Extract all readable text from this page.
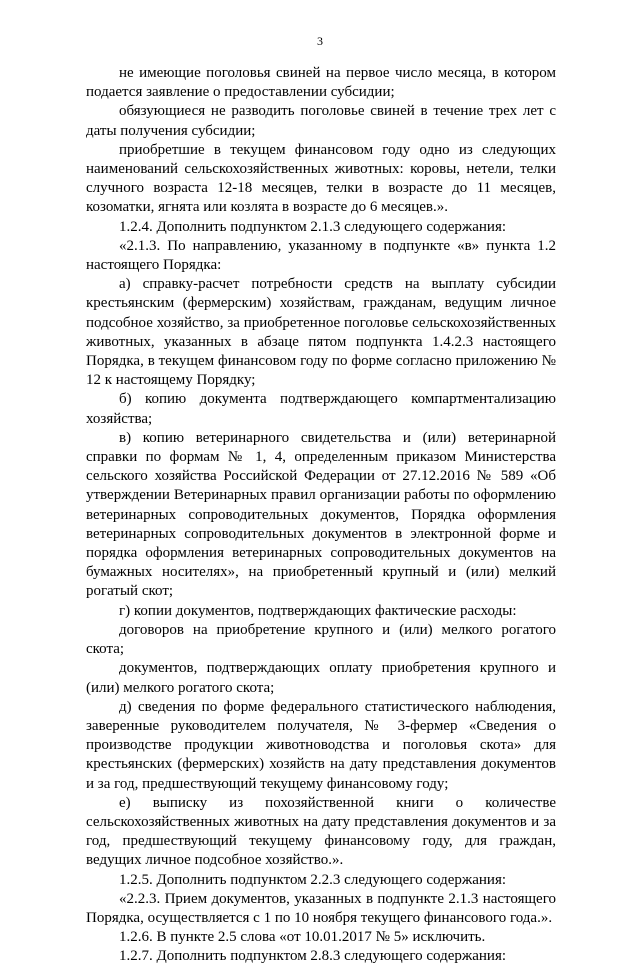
3

не имеющие поголовья свиней на первое число месяца, в котором подается заявление о предоставлении субсидии;

обязующиеся не разводить поголовье свиней в течение трех лет с даты получения субсидии;

приобретшие в текущем финансовом году одно из следующих наименований сельскохозяйственных животных: коровы, нетели, телки случного возраста 12-18 месяцев, телки в возрасте до 11 месяцев, козоматки, ягнята или козлята в возрасте до 6 месяцев.».

1.2.4. Дополнить подпунктом 2.1.3 следующего содержания:

«2.1.3. По направлению, указанному в подпункте «в» пункта 1.2 настоящего Порядка:

а) справку-расчет потребности средств на выплату субсидии крестьянским (фермерским) хозяйствам, гражданам, ведущим личное подсобное хозяйство, за приобретенное поголовье сельскохозяйственных животных, указанных в абзаце пятом подпункта 1.4.2.3 настоящего Порядка, в текущем финансовом году по форме согласно приложению № 12 к настоящему Порядку;

б) копию документа подтверждающего компартментализацию хозяйства;

в) копию ветеринарного свидетельства и (или) ветеринарной справки по формам № 1, 4, определенным приказом Министерства сельского хозяйства Российской Федерации от 27.12.2016 № 589 «Об утверждении Ветеринарных правил организации работы по оформлению ветеринарных сопроводительных документов, Порядка оформления ветеринарных сопроводительных документов в электронной форме и порядка оформления ветеринарных сопроводительных документов на бумажных носителях», на приобретенный крупный и (или) мелкий рогатый скот;

г) копии документов, подтверждающих фактические расходы:

договоров на приобретение крупного и (или) мелкого рогатого скота;

документов, подтверждающих оплату приобретения крупного и (или) мелкого рогатого скота;

д) сведения по форме федерального статистического наблюдения, заверенные руководителем получателя, № 3-фермер «Сведения о производстве продукции животноводства и поголовья скота» для крестьянских (фермерских) хозяйств на дату представления документов и за год, предшествующий текущему финансовому году;

е) выписку из похозяйственной книги о количестве сельскохозяйственных животных на дату представления документов и за год, предшествующий текущему финансовому году, для граждан, ведущих личное подсобное хозяйство.».

1.2.5. Дополнить подпунктом 2.2.3 следующего содержания:

«2.2.3. Прием документов, указанных в подпункте 2.1.3 настоящего Порядка, осуществляется с 1 по 10 ноября текущего финансового года.».

1.2.6. В пункте 2.5 слова «от 10.01.2017 № 5» исключить.

1.2.7. Дополнить подпунктом 2.8.3 следующего содержания:
